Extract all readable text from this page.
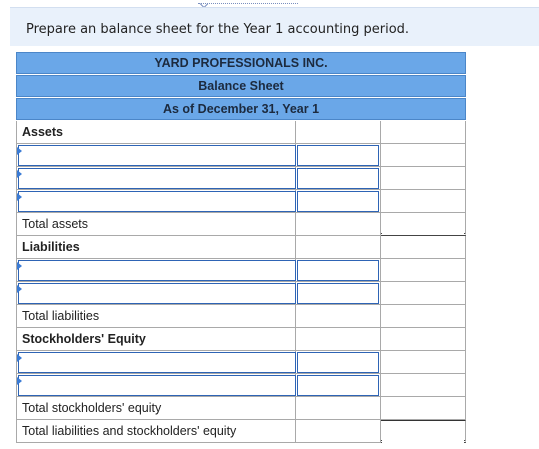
Prepare an balance sheet for the Year 1 accounting period.
YARD PROFESSIONALS INC.
Balance Sheet
As of December 31, Year 1
Assets
Total assets
Liabilities
Total liabilities
Stockholders' Equity
Total stockholders' equity
Total liabilities and stockholders' equity
